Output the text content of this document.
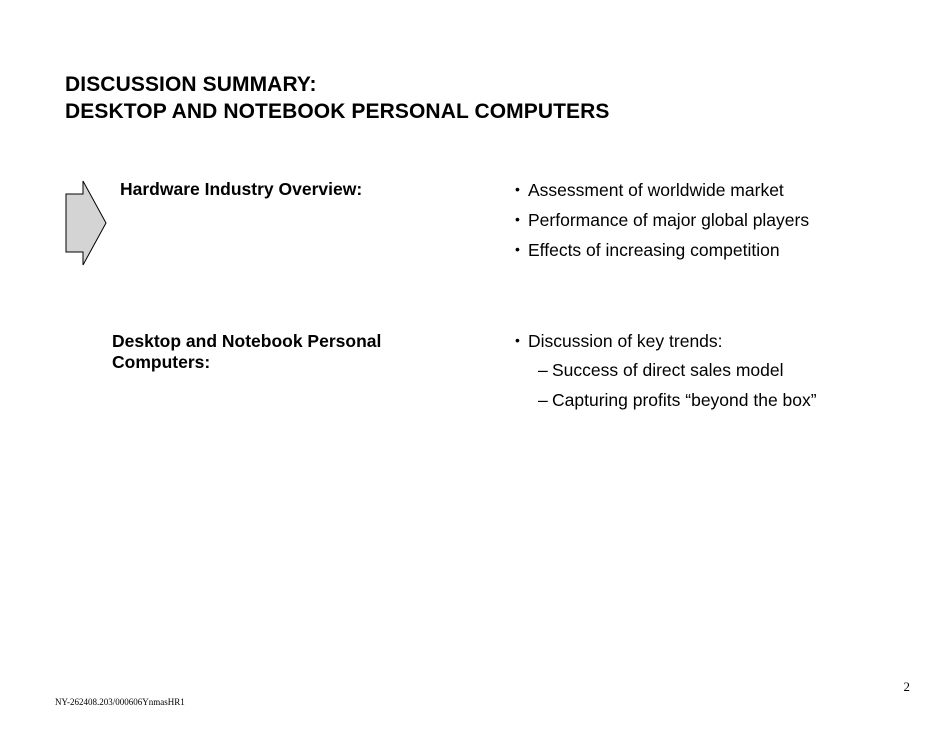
DISCUSSION SUMMARY:
DESKTOP AND NOTEBOOK PERSONAL COMPUTERS
Hardware Industry Overview:	• Assessment of worldwide market
• Performance of major global players
• Effects of increasing competition
Desktop and Notebook Personal Computers:
• Discussion of key trends:
– Success of direct sales model
– Capturing profits “beyond the box”
2
NY-262408.203/000606YnmasHR1
